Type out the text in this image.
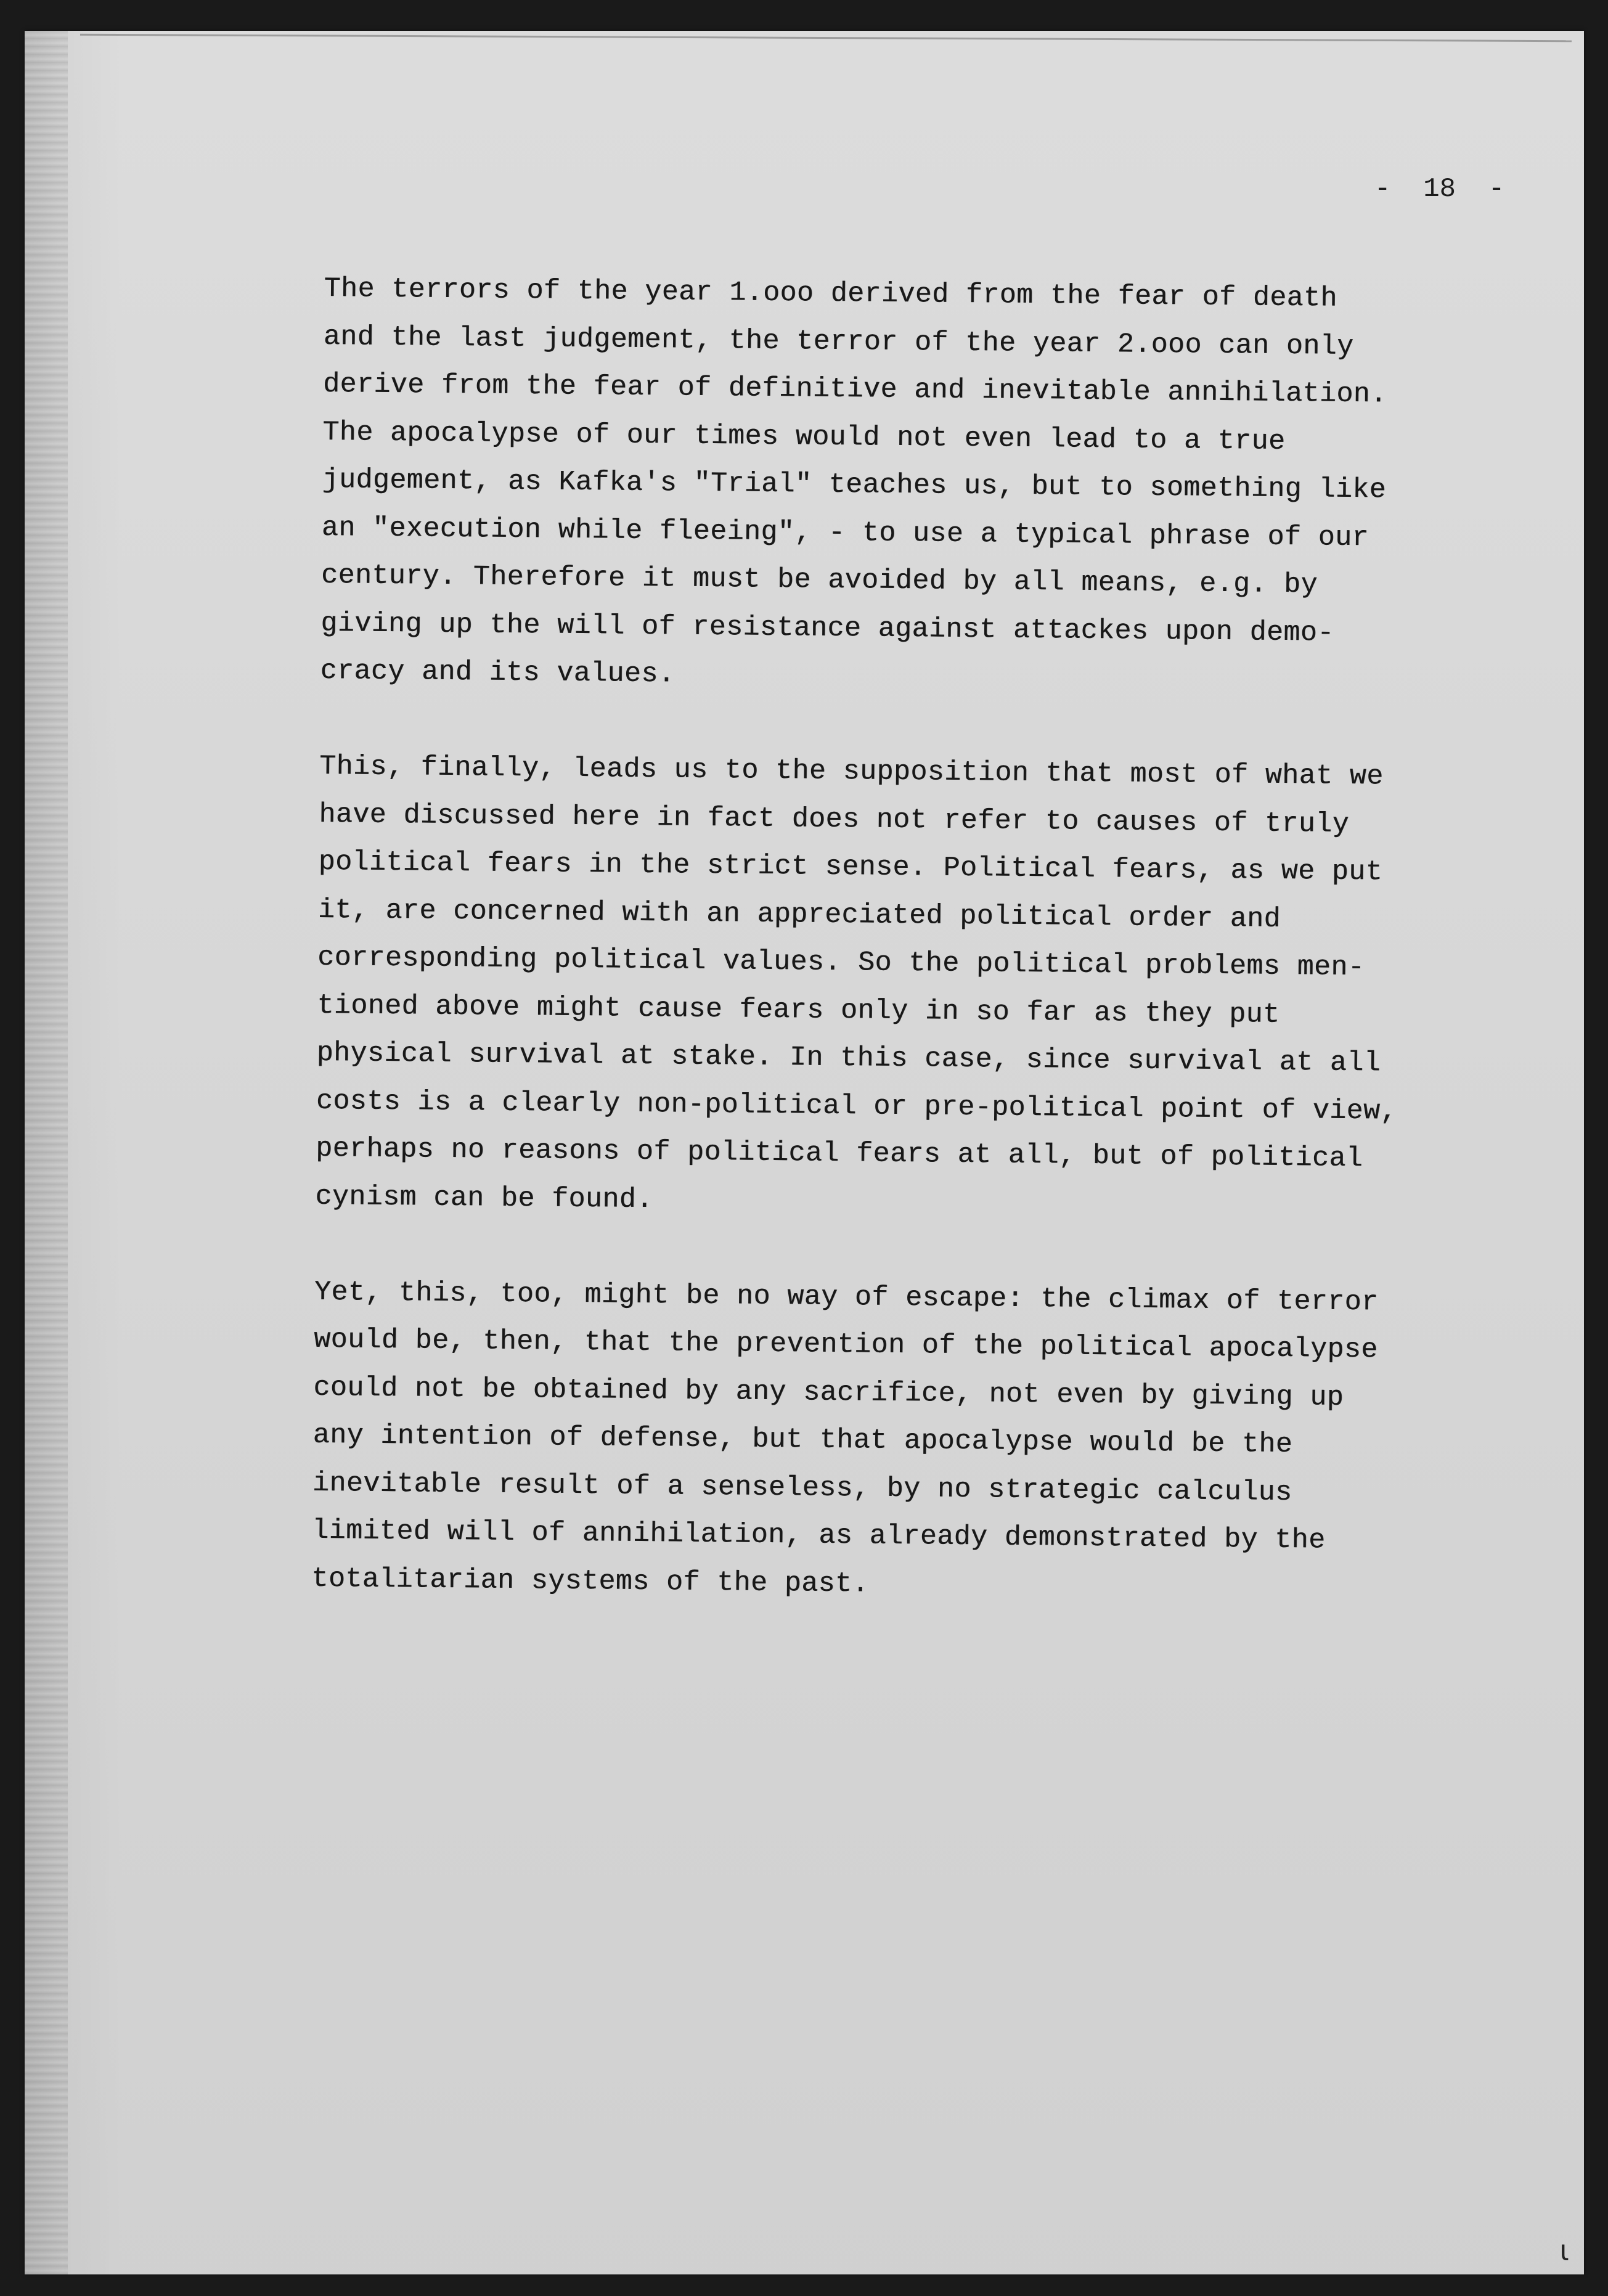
-  18  -
The terrors of the year 1.ooo derived from the fear of death
and the last judgement, the terror of the year 2.ooo can only
derive from the fear of definitive and inevitable annihilation.
The apocalypse of our times would not even lead to a true
judgement, as Kafka's "Trial" teaches us, but to something like
an "execution while fleeing", - to use a typical phrase of our
century. Therefore it must be avoided by all means, e.g. by
giving up the will of resistance against attackes upon demo-
cracy and its values.
This, finally, leads us to the supposition that most of what we
have discussed here in fact does not refer to causes of truly
political fears in the strict sense. Political fears, as we put
it, are concerned with an appreciated political order and
corresponding political values. So the political problems men-
tioned above might cause fears only in so far as they put
physical survival at stake. In this case, since survival at all
costs is a clearly non-political or pre-political point of view,
perhaps no reasons of political fears at all, but of political
cynism can be found.
Yet, this, too, might be no way of escape: the climax of terror
would be, then, that the prevention of the political apocalypse
could not be obtained by any sacrifice, not even by giving up
any intention of defense, but that apocalypse would be the
inevitable result of a senseless, by no strategic calculus
limited will of annihilation, as already demonstrated by the
totalitarian systems of the past.
ɩ
